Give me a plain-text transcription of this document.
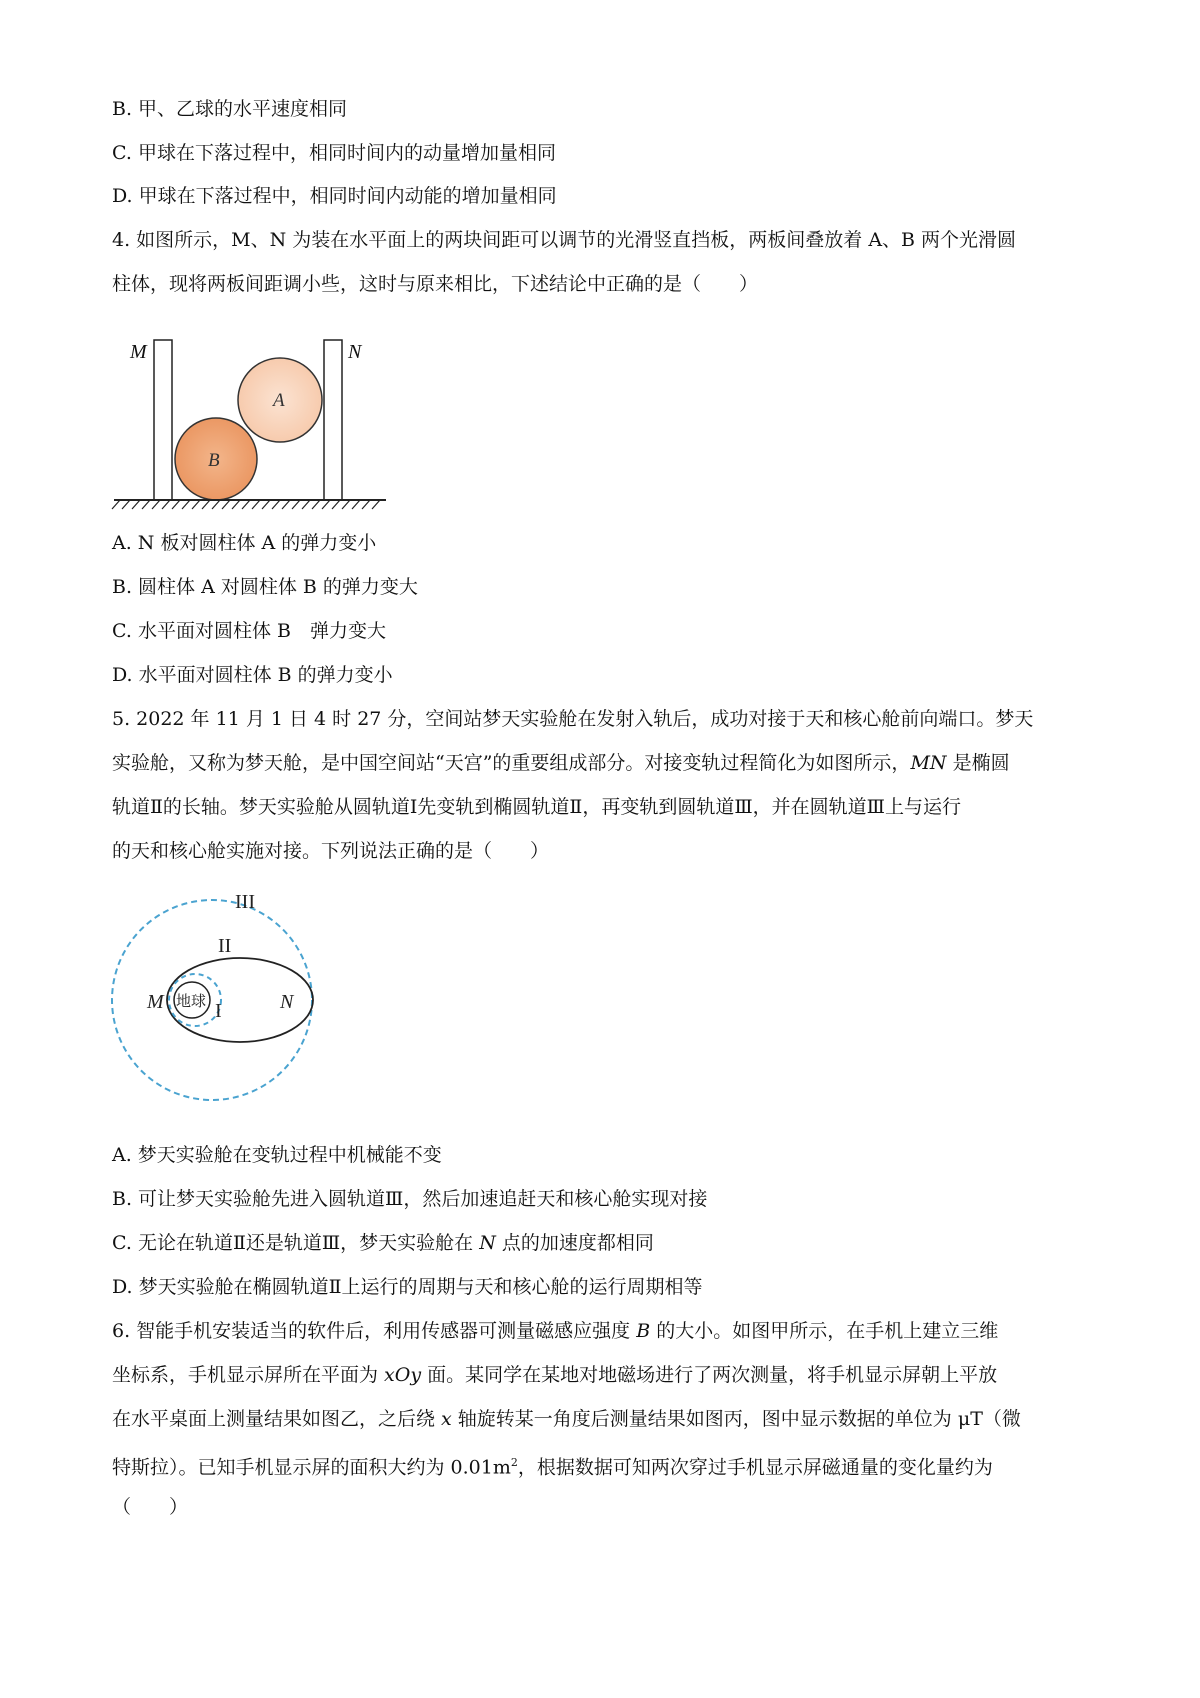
B. 甲、乙球的水平速度相同
C. 甲球在下落过程中，相同时间内的动量增加量相同
D. 甲球在下落过程中，相同时间内动能的增加量相同
4. 如图所示，M、N 为装在水平面上的两块间距可以调节的光滑竖直挡板，两板间叠放着 A、B 两个光滑圆
柱体，现将两板间距调小些，这时与原来相比，下述结论中正确的是（　　）
M	N
A
B
A. N 板对圆柱体 A 的弹力变小
B. 圆柱体 A 对圆柱体 B 的弹力变大
C. 水平面对圆柱体 B　弹力变大
D. 水平面对圆柱体 B 的弹力变小
5. 2022 年 11 月 1 日 4 时 27 分，空间站梦天实验舱在发射入轨后，成功对接于天和核心舱前向端口。梦天
实验舱，又称为梦天舱，是中国空间站“天宫”的重要组成部分。对接变轨过程简化为如图所示，MN 是椭圆
轨道Ⅱ的长轴。梦天实验舱从圆轨道Ⅰ先变轨到椭圆轨道Ⅱ，再变轨到圆轨道Ⅲ，并在圆轨道Ⅲ上与运行
的天和核心舱实施对接。下列说法正确的是（　　）
地球
III
II
I
M	N
A. 梦天实验舱在变轨过程中机械能不变
B. 可让梦天实验舱先进入圆轨道Ⅲ，然后加速追赶天和核心舱实现对接
C. 无论在轨道Ⅱ还是轨道Ⅲ，梦天实验舱在 N 点的加速度都相同
D. 梦天实验舱在椭圆轨道Ⅱ上运行的周期与天和核心舱的运行周期相等
6. 智能手机安装适当的软件后，利用传感器可测量磁感应强度 B 的大小。如图甲所示，在手机上建立三维
坐标系，手机显示屏所在平面为 xOy 面。某同学在某地对地磁场进行了两次测量，将手机显示屏朝上平放
在水平桌面上测量结果如图乙，之后绕 x 轴旋转某一角度后测量结果如图丙，图中显示数据的单位为 μT（微
特斯拉）。已知手机显示屏的面积大约为 $0.01m^2$，根据数据可知两次穿过手机显示屏磁通量的变化量约为
（　　）
